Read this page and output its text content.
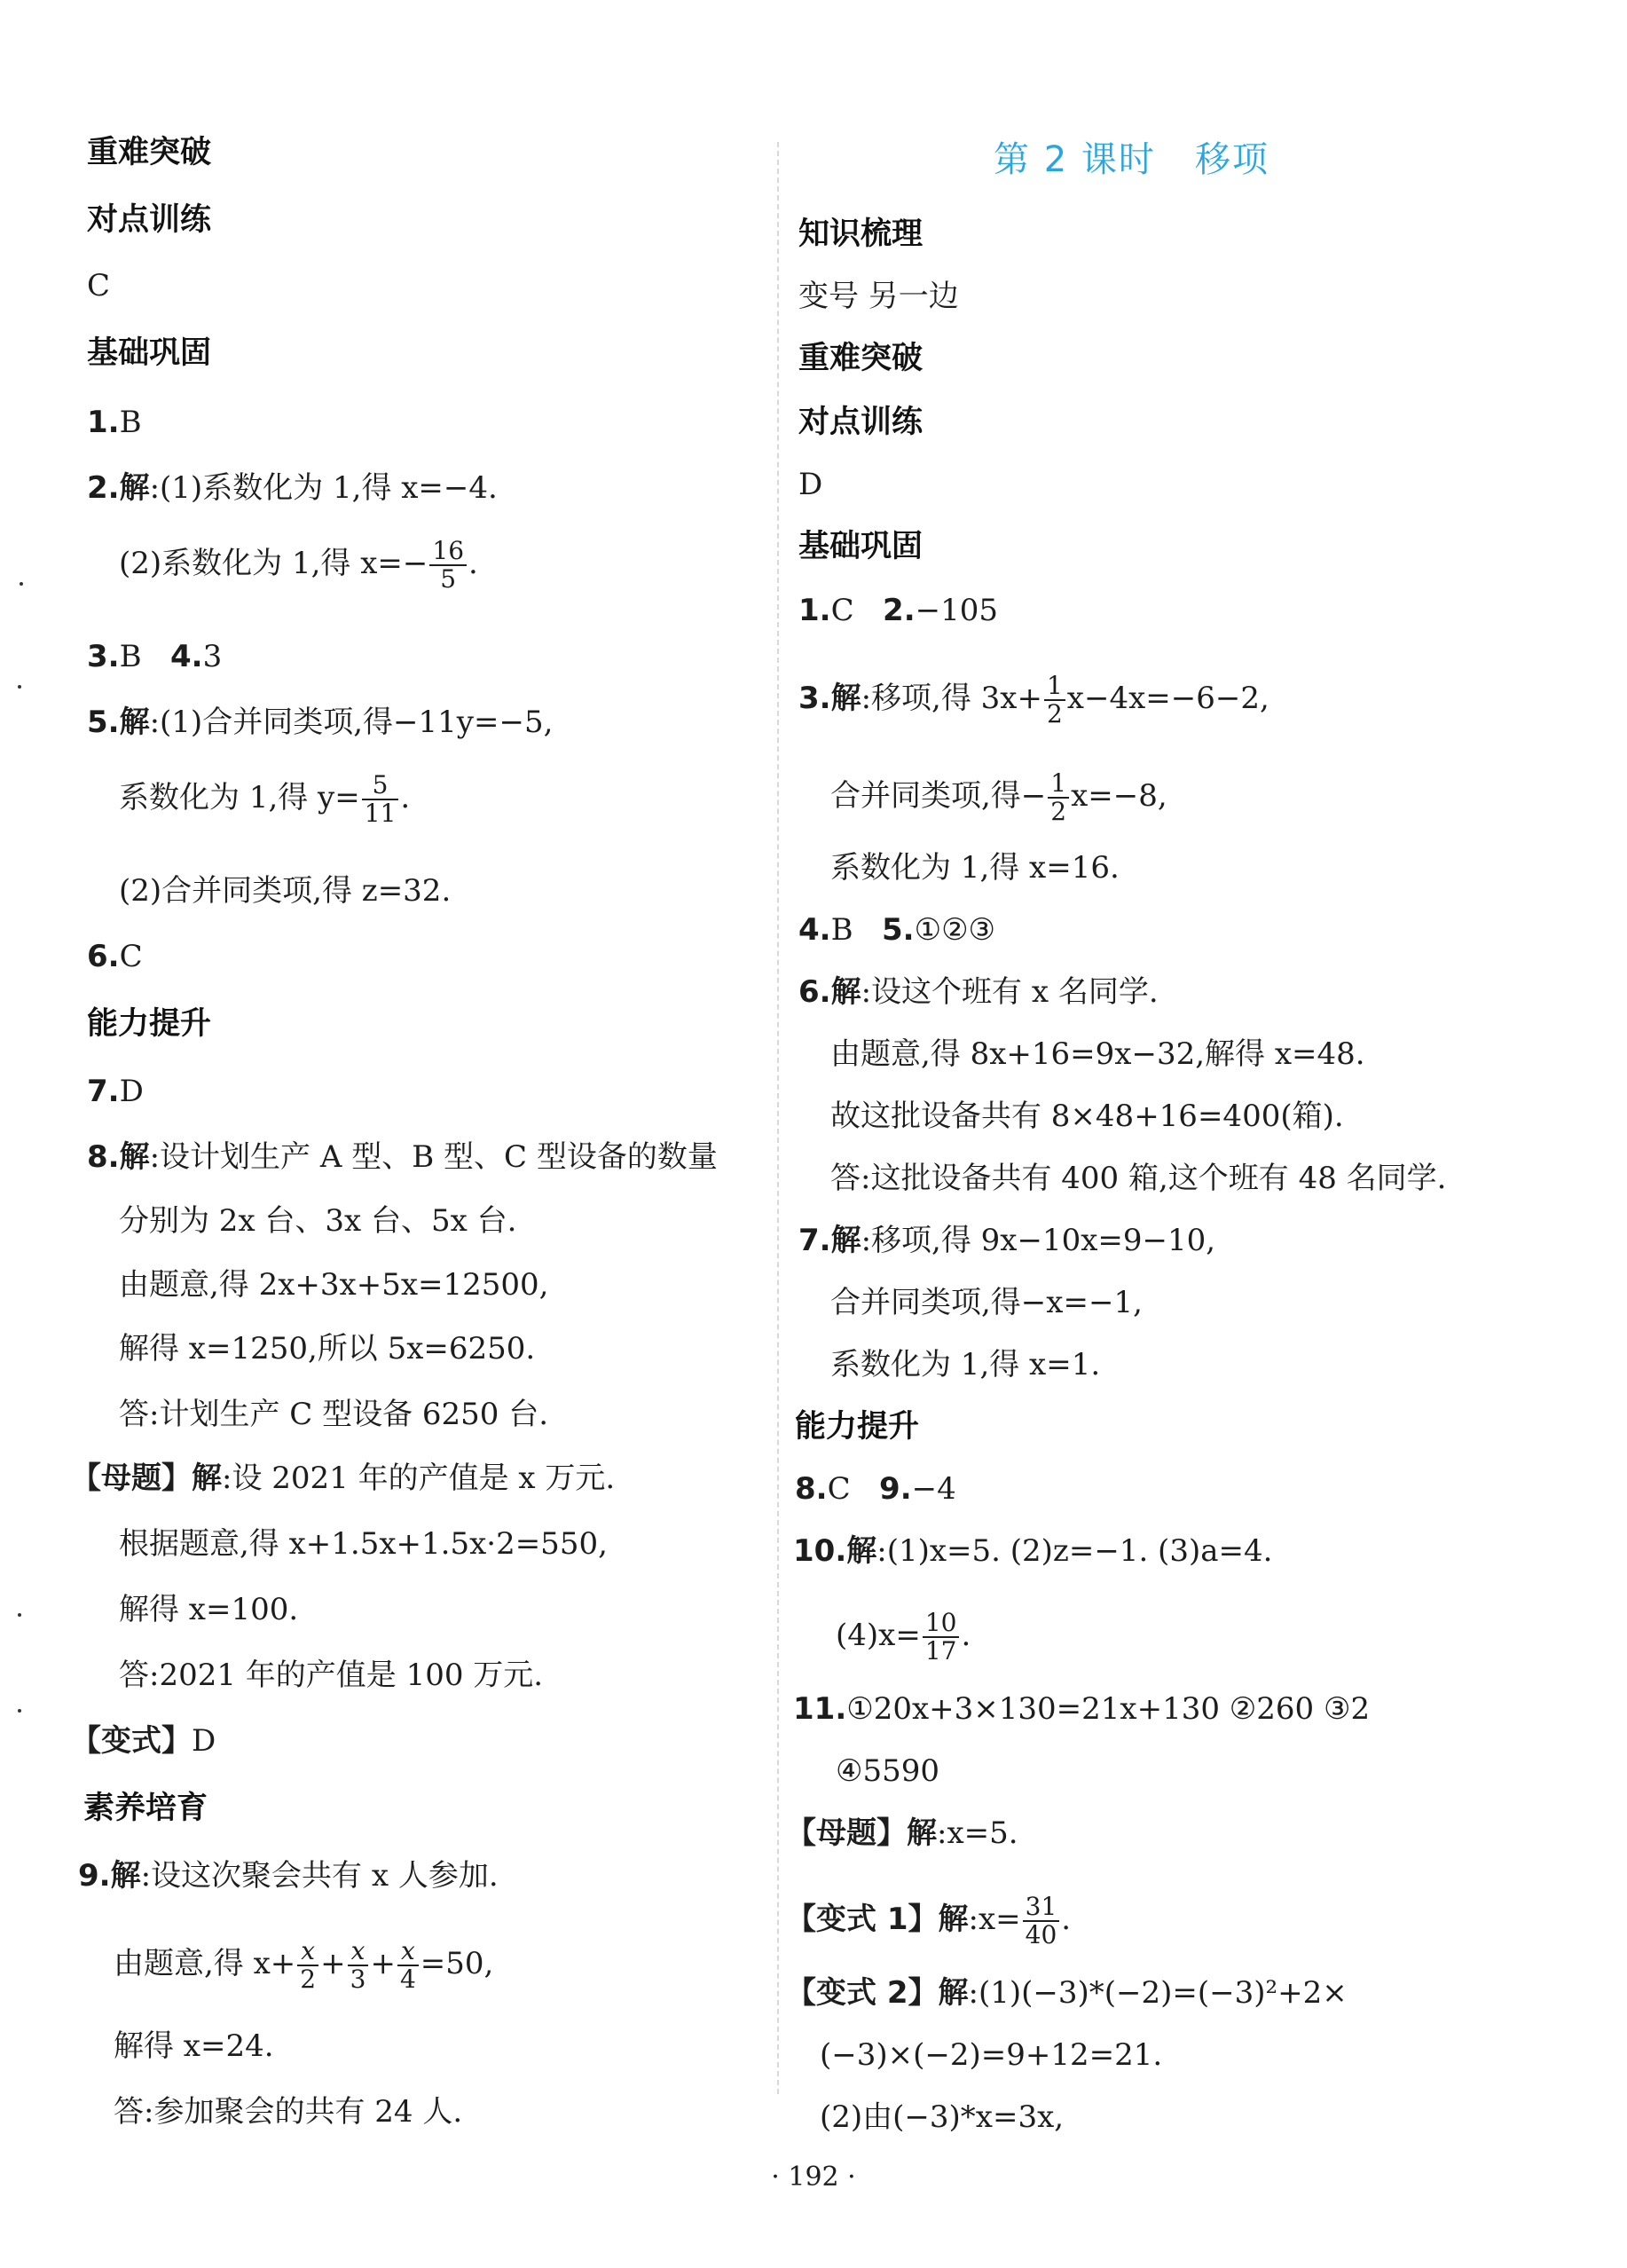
重难突破
对点训练
C
基础巩固
1.B
2.解:(1)系数化为 1,得 x=−4.
(2)系数化为 1,得 $x=- \frac{16}{5}$ .
3.B 4.3
5.解:(1)合并同类项,得−11y=−5,
系数化为 1,得 $y= \frac{5}{11}$ .
(2)合并同类项,得 z=32.
6.C
能力提升
7.D
8.解:设计划生产 A 型、B 型、C 型设备的数量
分别为 2x 台、3x 台、5x 台.
由题意,得 2x+3x+5x=12500,
解得 x=1250,所以 5x=6250.
答:计划生产 C 型设备 6250 台.
【母题】解:设 2021 年的产值是 x 万元.
根据题意,得 x+1.5x+1.5x·2=550,
解得 x=100.
答:2021 年的产值是 100 万元.
【变式】D
素养培育
9.解:设这次聚会共有 x 人参加.
由题意,得 $x+ \frac{x}{2} + \frac{x}{3} + \frac{x}{4} =50$,
解得 x=24.
答:参加聚会的共有 24 人.
第 2 课时 移项
知识梳理
变号 另一边
重难突破
对点训练
D
基础巩固
1.C 2.−105
3.解:移项,得 $3x+ \frac{1}{2} x-4x=-6-2$,
合并同类项,得− $\frac{1}{2} x=-8$,
系数化为 1,得 x=16.
4.B 5.①②③
6.解:设这个班有 x 名同学.
由题意,得 8x+16=9x−32,解得 x=48.
故这批设备共有 8×48+16=400(箱).
答:这批设备共有 400 箱,这个班有 48 名同学.
7.解:移项,得 9x−10x=9−10,
合并同类项,得−x=−1,
系数化为 1,得 x=1.
能力提升
8.C 9.−4
10.解:(1)x=5. (2)z=−1. (3)a=4.
$(4)x= \frac{10}{17}$ .
11.①20x+3×130=21x+130 ②260 ③2
④5590
【母题】解:x=5.
【变式 1】解:x= $\frac{31}{40}$ .
【变式 2】解:(1)(−3)*(−2)=(−3)²+2×
(−3)×(−2)=9+12=21.
(2)由(−3)*x=3x,
· 192 ·
